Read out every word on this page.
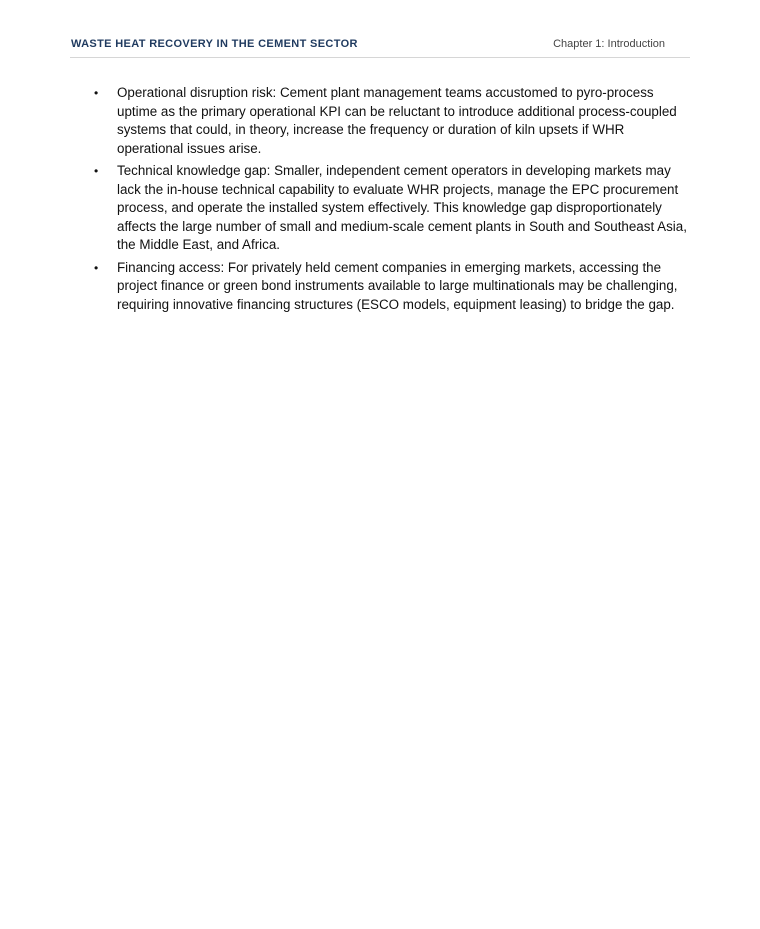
WASTE HEAT RECOVERY IN THE CEMENT SECTOR	Chapter 1: Introduction
• Operational disruption risk: Cement plant management teams accustomed to pyro-process uptime as the primary operational KPI can be reluctant to introduce additional process-coupled systems that could, in theory, increase the frequency or duration of kiln upsets if WHR operational issues arise.
• Technical knowledge gap: Smaller, independent cement operators in developing markets may lack the in-house technical capability to evaluate WHR projects, manage the EPC procurement process, and operate the installed system effectively. This knowledge gap disproportionately affects the large number of small and medium-scale cement plants in South and Southeast Asia, the Middle East, and Africa.
• Financing access: For privately held cement companies in emerging markets, accessing the project finance or green bond instruments available to large multinationals may be challenging, requiring innovative financing structures (ESCO models, equipment leasing) to bridge the gap.
